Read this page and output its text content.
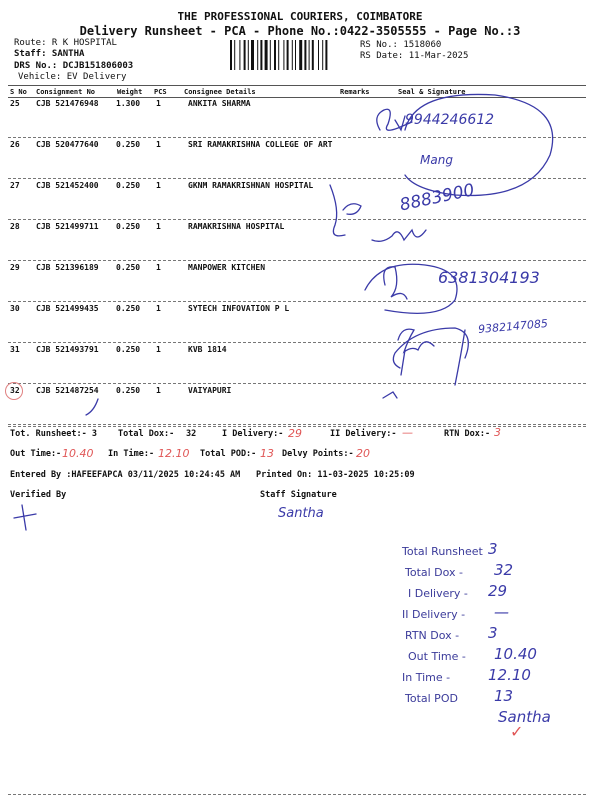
THE PROFESSIONAL COURIERS, COIMBATORE
Delivery Runsheet - PCA - Phone No.:0422-3505555 - Page No.:3
Route: R K HOSPITAL
Staff: SANTHA
DRS No.: DCJB151806003
Vehicle: EV Delivery
RS No.: 1518060
RS Date: 11-Mar-2025
S No Consignment No	Weight PCS Consignee Details	Remarks	Seal & Signature
25 CJB 521476948 1.300 1	ANKITA SHARMA
26 CJB 520477640 0.250 1	SRI RAMAKRISHNA COLLEGE OF ART
27 CJB 521452400 0.250 1	GKNM RAMAKRISHNAN HOSPITAL
28 CJB 521499711 0.250 1	RAMAKRISHNA HOSPITAL
29 CJB 521396189 0.250 1	MANPOWER KITCHEN
30 CJB 521499435 0.250 1	SYTECH INFOVATION P L
31 CJB 521493791 0.250 1	KVB 1814
32 CJB 521487254 0.250 1	VAIYAPURI
9944246612
Mang
8883900
6381304193
9382147085
Tot. Runsheet:- 3 Total Dox:- 32	I Delivery:- 29	II Delivery:- —	RTN Dox:- 3
Out Time:- 10.40 In Time:- 12.10 Total POD:- 13 Delvy Points:- 20
Entered By :HAFEEFAPCA 03/11/2025 10:24:45 AM Printed On: 11-03-2025 10:25:09
Verified By	Staff Signature
Santha
Total Runsheet 3
Total Dox - 32
I Delivery - 29
II Delivery - —
RTN Dox - 3
Out Time - 10.40
In Time -	12.10
Total POD 13
Santha
✓
